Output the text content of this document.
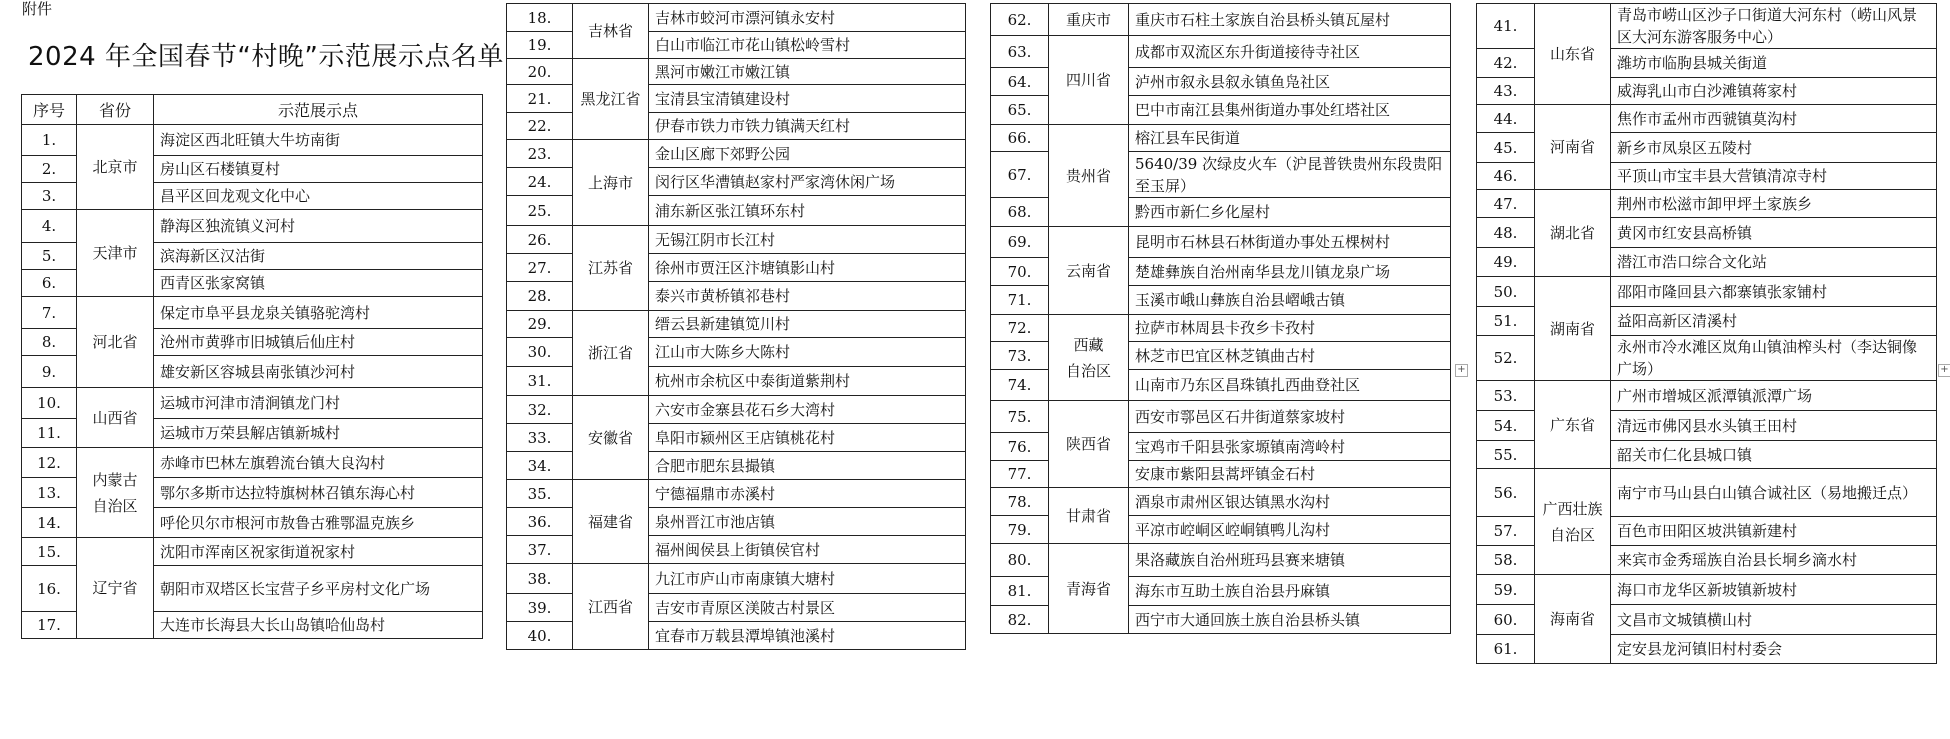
附件
2024 年全国春节“村晚”示范展示点名单
序号	省份	示范展示点
1.	北京市	海淀区西北旺镇大牛坊南街
2.		房山区石楼镇夏村
3.		昌平区回龙观文化中心
4.	天津市	静海区独流镇义河村
5.		滨海新区汉沽街
6.		西青区张家窝镇
7.	河北省	保定市阜平县龙泉关镇骆驼湾村
8.		沧州市黄骅市旧城镇后仙庄村
9.		雄安新区容城县南张镇沙河村
10.	山西省	运城市河津市清涧镇龙门村
11.		运城市万荣县解店镇新城村
12.	内蒙古
自治区	赤峰市巴林左旗碧流台镇大良沟村
13.		鄂尔多斯市达拉特旗树林召镇东海心村
14.		呼伦贝尔市根河市敖鲁古雅鄂温克族乡
15.	辽宁省	沈阳市浑南区祝家街道祝家村
16.		朝阳市双塔区长宝营子乡平房村文化广场
17.		大连市长海县大长山岛镇哈仙岛村
18.	吉林省	吉林市蛟河市漂河镇永安村
19.		白山市临江市花山镇松岭雪村
20.	黑龙江省	黑河市嫩江市嫩江镇
21.		宝清县宝清镇建设村
22.		伊春市铁力市铁力镇满天红村
23.	上海市	金山区廊下郊野公园
24.		闵行区华漕镇赵家村严家湾休闲广场
25.		浦东新区张江镇环东村
26.	江苏省	无锡江阴市长江村
27.		徐州市贾汪区汴塘镇影山村
28.		泰兴市黄桥镇祁巷村
29.	浙江省	缙云县新建镇笕川村
30.		江山市大陈乡大陈村
31.		杭州市余杭区中泰街道紫荆村
32.	安徽省	六安市金寨县花石乡大湾村
33.		阜阳市颍州区王店镇桃花村
34.		合肥市肥东县撮镇
35.	福建省	宁德福鼎市赤溪村
36.		泉州晋江市池店镇
37.		福州闽侯县上街镇侯官村
38.	江西省	九江市庐山市南康镇大塘村
39.		吉安市青原区渼陂古村景区
40.		宜春市万载县潭埠镇池溪村
62.	重庆市	重庆市石柱土家族自治县桥头镇瓦屋村
63.	四川省	成都市双流区东升街道接待寺社区
64.		泸州市叙永县叙永镇鱼凫社区
65.		巴中市南江县集州街道办事处红塔社区
66.	贵州省	榕江县车民街道
67.		5640/39 次绿皮火车（沪昆普铁贵州东段贵阳至玉屏）
68.		黔西市新仁乡化屋村
69.	云南省	昆明市石林县石林街道办事处五棵树村
70.		楚雄彝族自治州南华县龙川镇龙泉广场
71.		玉溪市峨山彝族自治县嶍峨古镇
72.	西藏
自治区	拉萨市林周县卡孜乡卡孜村
73.		林芝市巴宜区林芝镇曲古村
74.		山南市乃东区昌珠镇扎西曲登社区
75.	陕西省	西安市鄠邑区石井街道蔡家坡村
76.		宝鸡市千阳县张家塬镇南湾岭村
77.		安康市紫阳县蒿坪镇金石村
78.	甘肃省	酒泉市肃州区银达镇黑水沟村
79.		平凉市崆峒区崆峒镇鸭儿沟村
80.	青海省	果洛藏族自治州班玛县赛来塘镇
81.		海东市互助土族自治县丹麻镇
82.		西宁市大通回族土族自治县桥头镇
41.	山东省	青岛市崂山区沙子口街道大河东村（崂山风景区大河东游客服务中心）
42.		潍坊市临朐县城关街道
43.		威海乳山市白沙滩镇蒋家村
44.	河南省	焦作市孟州市西虢镇莫沟村
45.		新乡市凤泉区五陵村
46.		平顶山市宝丰县大营镇清凉寺村
47.	湖北省	荆州市松滋市卸甲坪土家族乡
48.		黄冈市红安县高桥镇
49.		潜江市浩口综合文化站
50.	湖南省	邵阳市隆回县六都寨镇张家铺村
51.		益阳高新区清溪村
52.		永州市冷水滩区岚角山镇油榨头村（李达铜像广场）
53.	广东省	广州市增城区派潭镇派潭广场
54.		清远市佛冈县水头镇王田村
55.		韶关市仁化县城口镇
56.	广西壮族
自治区	南宁市马山县白山镇合诚社区（易地搬迁点）
57.		百色市田阳区坡洪镇新建村
58.		来宾市金秀瑶族自治县长垌乡滴水村
59.	海南省	海口市龙华区新坡镇新坡村
60.		文昌市文城镇横山村
61.		定安县龙河镇旧村村委会
+	+
